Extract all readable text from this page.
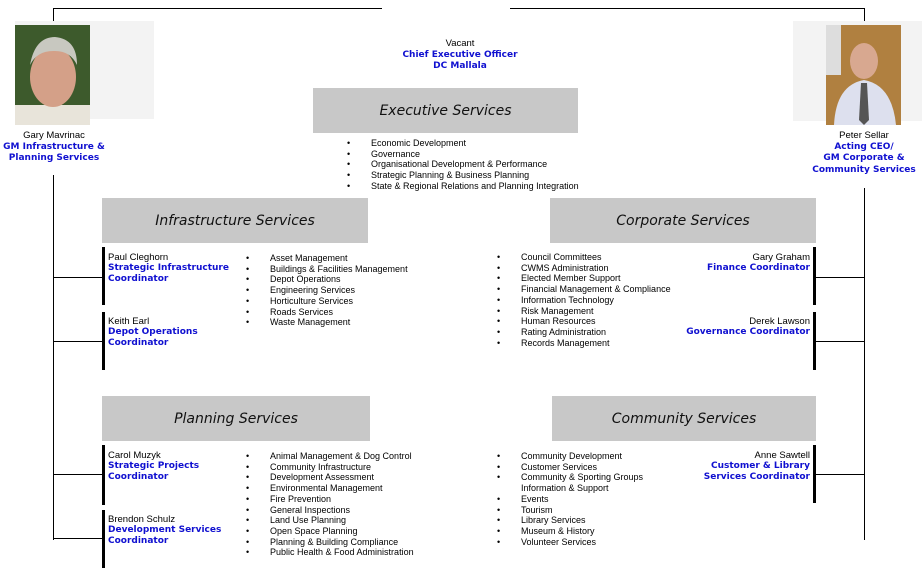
Gary Mavrinac
GM Infrastructure &
Planning Services
Peter Sellar
Acting CEO/
GM Corporate &
Community Services
Vacant
Chief Executive Officer
DC Mallala
Executive Services
• Economic Development
• Governance
• Organisational Development & Performance
• Strategic Planning & Business Planning
• State & Regional Relations and Planning Integration
Infrastructure Services
Paul Cleghorn
Strategic Infrastructure
Coordinator
Keith Earl
Depot Operations
Coordinator
• Asset Management
• Buildings & Facilities Management
• Depot Operations
• Engineering Services
• Horticulture Services
• Roads Services
• Waste Management
Corporate Services
• Council Committees
• CWMS Administration
• Elected Member Support
• Financial Management & Compliance
• Information Technology
• Risk Management
• Human Resources
• Rating Administration
• Records Management
Gary Graham
Finance Coordinator
Derek Lawson
Governance Coordinator
Planning Services
Carol Muzyk
Strategic Projects
Coordinator
Brendon Schulz
Development Services
Coordinator
• Animal Management & Dog Control
• Community Infrastructure
• Development Assessment
• Environmental Management
• Fire Prevention
• General Inspections
• Land Use Planning
• Open Space Planning
• Planning & Building Compliance
• Public Health & Food Administration
Community Services
• Community Development
• Customer Services
• Community & Sporting Groups Information & Support
• Events
• Tourism
• Library Services
• Museum & History
• Volunteer Services
Anne Sawtell
Customer & Library
Services Coordinator
